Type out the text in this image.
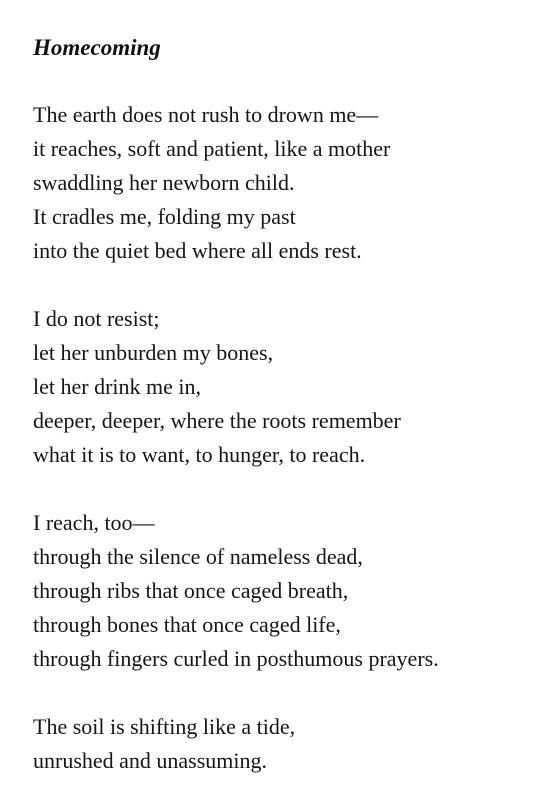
Homecoming
The earth does not rush to drown me—
it reaches, soft and patient, like a mother
swaddling her newborn child.
It cradles me, folding my past
into the quiet bed where all ends rest.
I do not resist;
let her unburden my bones,
let her drink me in,
deeper, deeper, where the roots remember
what it is to want, to hunger, to reach.
I reach, too—
through the silence of nameless dead,
through ribs that once caged breath,
through bones that once caged life,
through fingers curled in posthumous prayers.
The soil is shifting like a tide,
unrushed and unassuming.
